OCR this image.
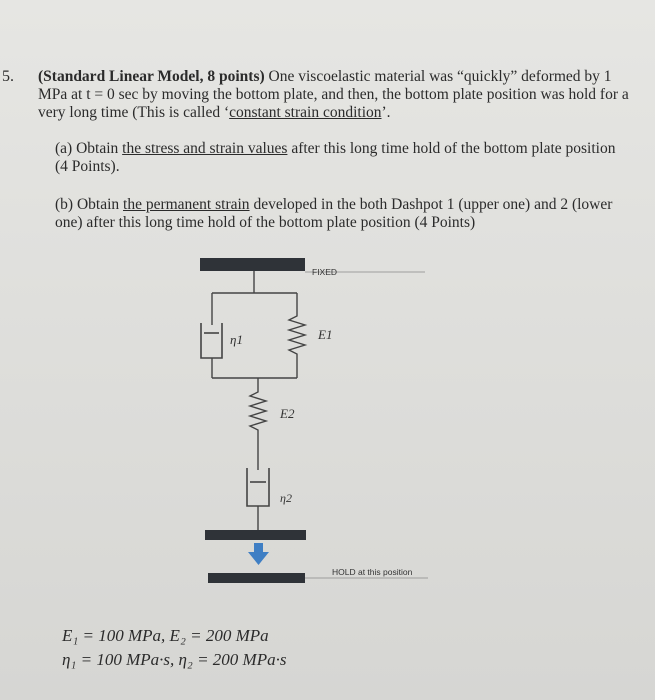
5. (Standard Linear Model, 8 points) One viscoelastic material was “quickly” deformed by 1 MPa at t = 0 sec by moving the bottom plate, and then, the bottom plate position was hold for a very long time (This is called ‘constant strain condition’.
(a) Obtain the stress and strain values after this long time hold of the bottom plate position
(4 Points).
(b) Obtain the permanent strain developed in the both Dashpot 1 (upper one) and 2 (lower
one) after this long time hold of the bottom plate position (4 Points)
FIXED
η1	E1
E2
η2
HOLD at this position
E₁ = 100 MPa, E₂ = 200 MPa
η₁ = 100 MPa·s, η₂ = 200 MPa·s
